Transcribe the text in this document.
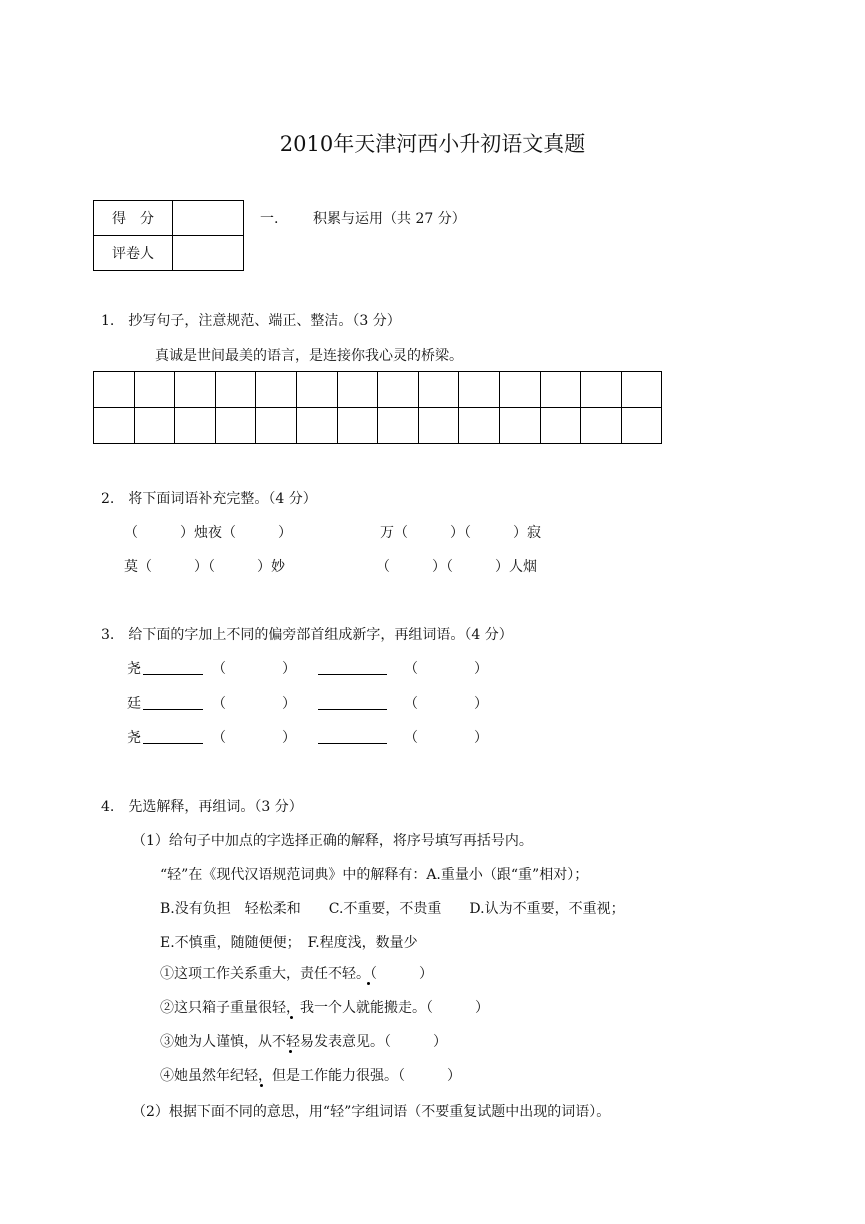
2010年天津河西小升初语文真题
得　分	
评卷人	
一. 积累与运用（共 27 分）
1.　抄写句子，注意规范、端正、整洁。（3 分）
真诚是世间最美的语言，是连接你我心灵的桥梁。

2.　将下面词语补充完整。（4 分）
（　　　）烛夜（　　　）	万（　　　）（　　　）寂
莫（　　　）（　　　）妙	（　　　）（　　　）人烟
3.　给下面的字加上不同的偏旁部首组成新字，再组词语。（4 分）
尧	（　　　　）	（　　　　）
廷	（　　　　）	（　　　　）
尧	（　　　　）	（　　　　）
4.　先选解释，再组词。（3 分）
（1）给句子中加点的字选择正确的解释，将序号填写再括号内。
“轻”在《现代汉语规范词典》中的解释有：A.重量小（跟“重”相对）；
B.没有负担　轻松柔和　　C.不重要，不贵重　　D.认为不重要，不重视；
E.不慎重，随随便便；　F.程度浅，数量少
①这项工作关系重大，责任不轻。（　　　）
②这只箱子重量很轻，我一个人就能搬走。（　　　）
③她为人谨慎，从不轻易发表意见。（　　　）
④她虽然年纪轻，但是工作能力很强。（　　　）
（2）根据下面不同的意思，用“轻”字组词语（不要重复试题中出现的词语）。
